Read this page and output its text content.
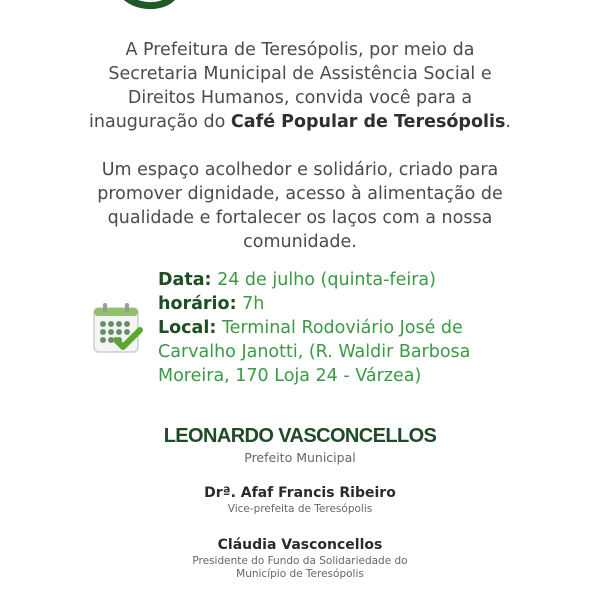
A Prefeitura de Teresópolis, por meio da
Secretaria Municipal de Assistência Social e
Direitos Humanos, convida você para a
inauguração do Café Popular de Teresópolis.
Um espaço acolhedor e solidário, criado para
promover dignidade, acesso à alimentação de
qualidade e fortalecer os laços com a nossa
comunidade.
Data: 24 de julho (quinta-feira)
horário: 7h
Local: Terminal Rodoviário José de
Carvalho Janotti, (R. Waldir Barbosa
Moreira, 170 Loja 24 - Várzea)
LEONARDO VASCONCELLOS
Prefeito Municipal
Drª. Afaf Francis Ribeiro
Vice-prefeita de Teresópolis
Cláudia Vasconcellos
Presidente do Fundo da Solidariedade do
Município de Teresópolis
